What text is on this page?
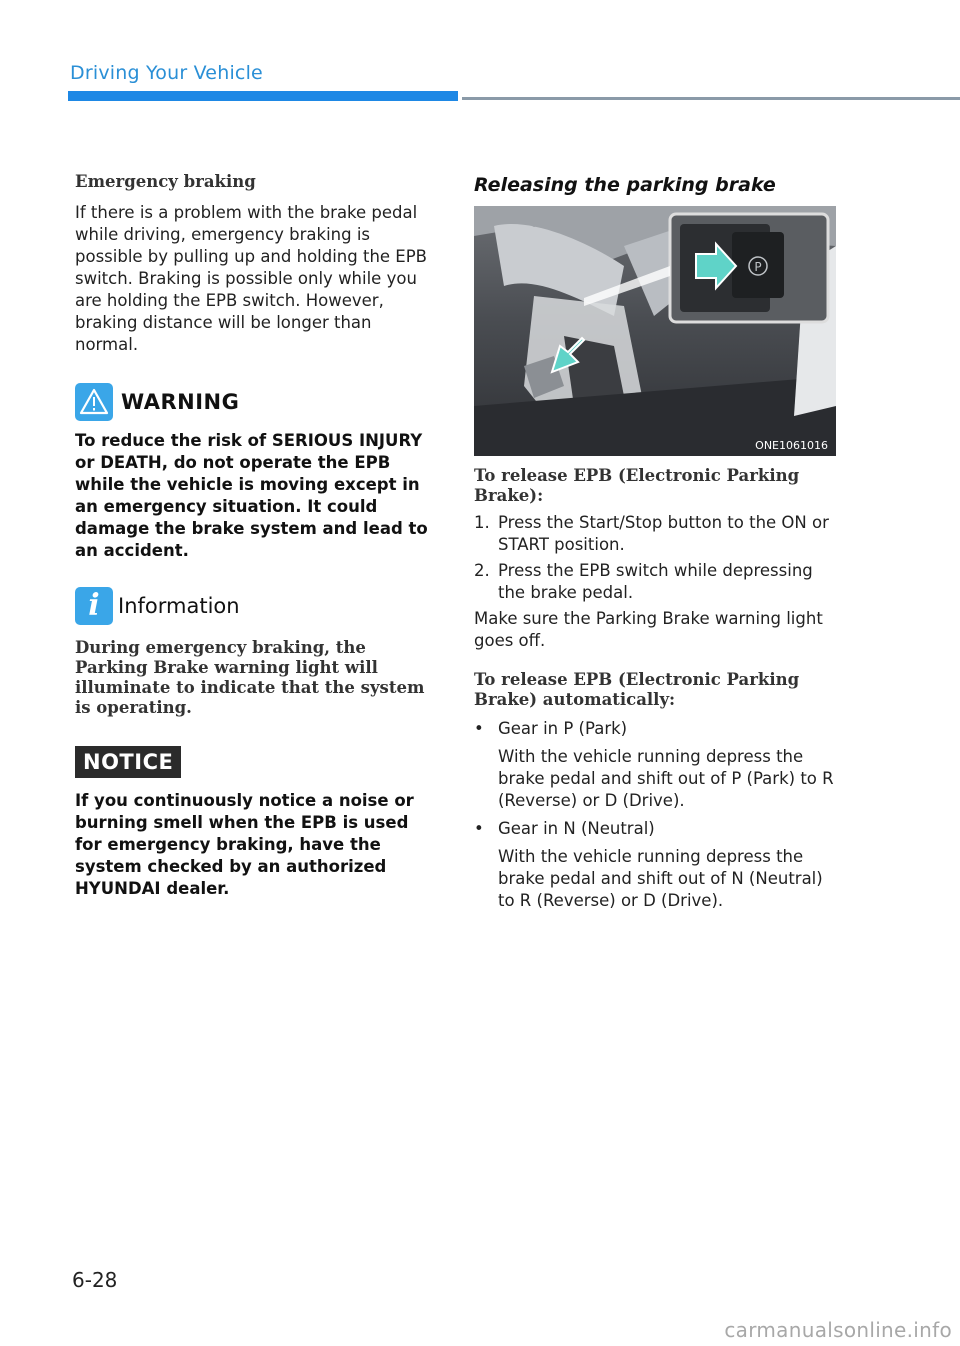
Driving Your Vehicle
Emergency braking
If there is a problem with the brake pedal while driving, emergency braking is possible by pulling up and holding the EPB switch. Braking is possible only while you are holding the EPB switch. However, braking distance will be longer than normal.
WARNING
To reduce the risk of SERIOUS INJURY or DEATH, do not operate the EPB while the vehicle is moving except in an emergency situation. It could damage the brake system and lead to an accident.
i Information
During emergency braking, the Parking Brake warning light will illuminate to indicate that the system is operating.
NOTICE
If you continuously notice a noise or burning smell when the EPB is used for emergency braking, have the system checked by an authorized HYUNDAI dealer.
Releasing the parking brake
P
ONE1061016
To release EPB (Electronic Parking Brake):
1. Press the Start/Stop button to the ON or START position.
2. Press the EPB switch while depressing the brake pedal.
Make sure the Parking Brake warning light goes off.
To release EPB (Electronic Parking Brake) automatically:
• Gear in P (Park)
With the vehicle running depress the brake pedal and shift out of P (Park) to R (Reverse) or D (Drive).
• Gear in N (Neutral)
With the vehicle running depress the brake pedal and shift out of N (Neutral) to R (Reverse) or D (Drive).
6-28
carmanualsonline.info
